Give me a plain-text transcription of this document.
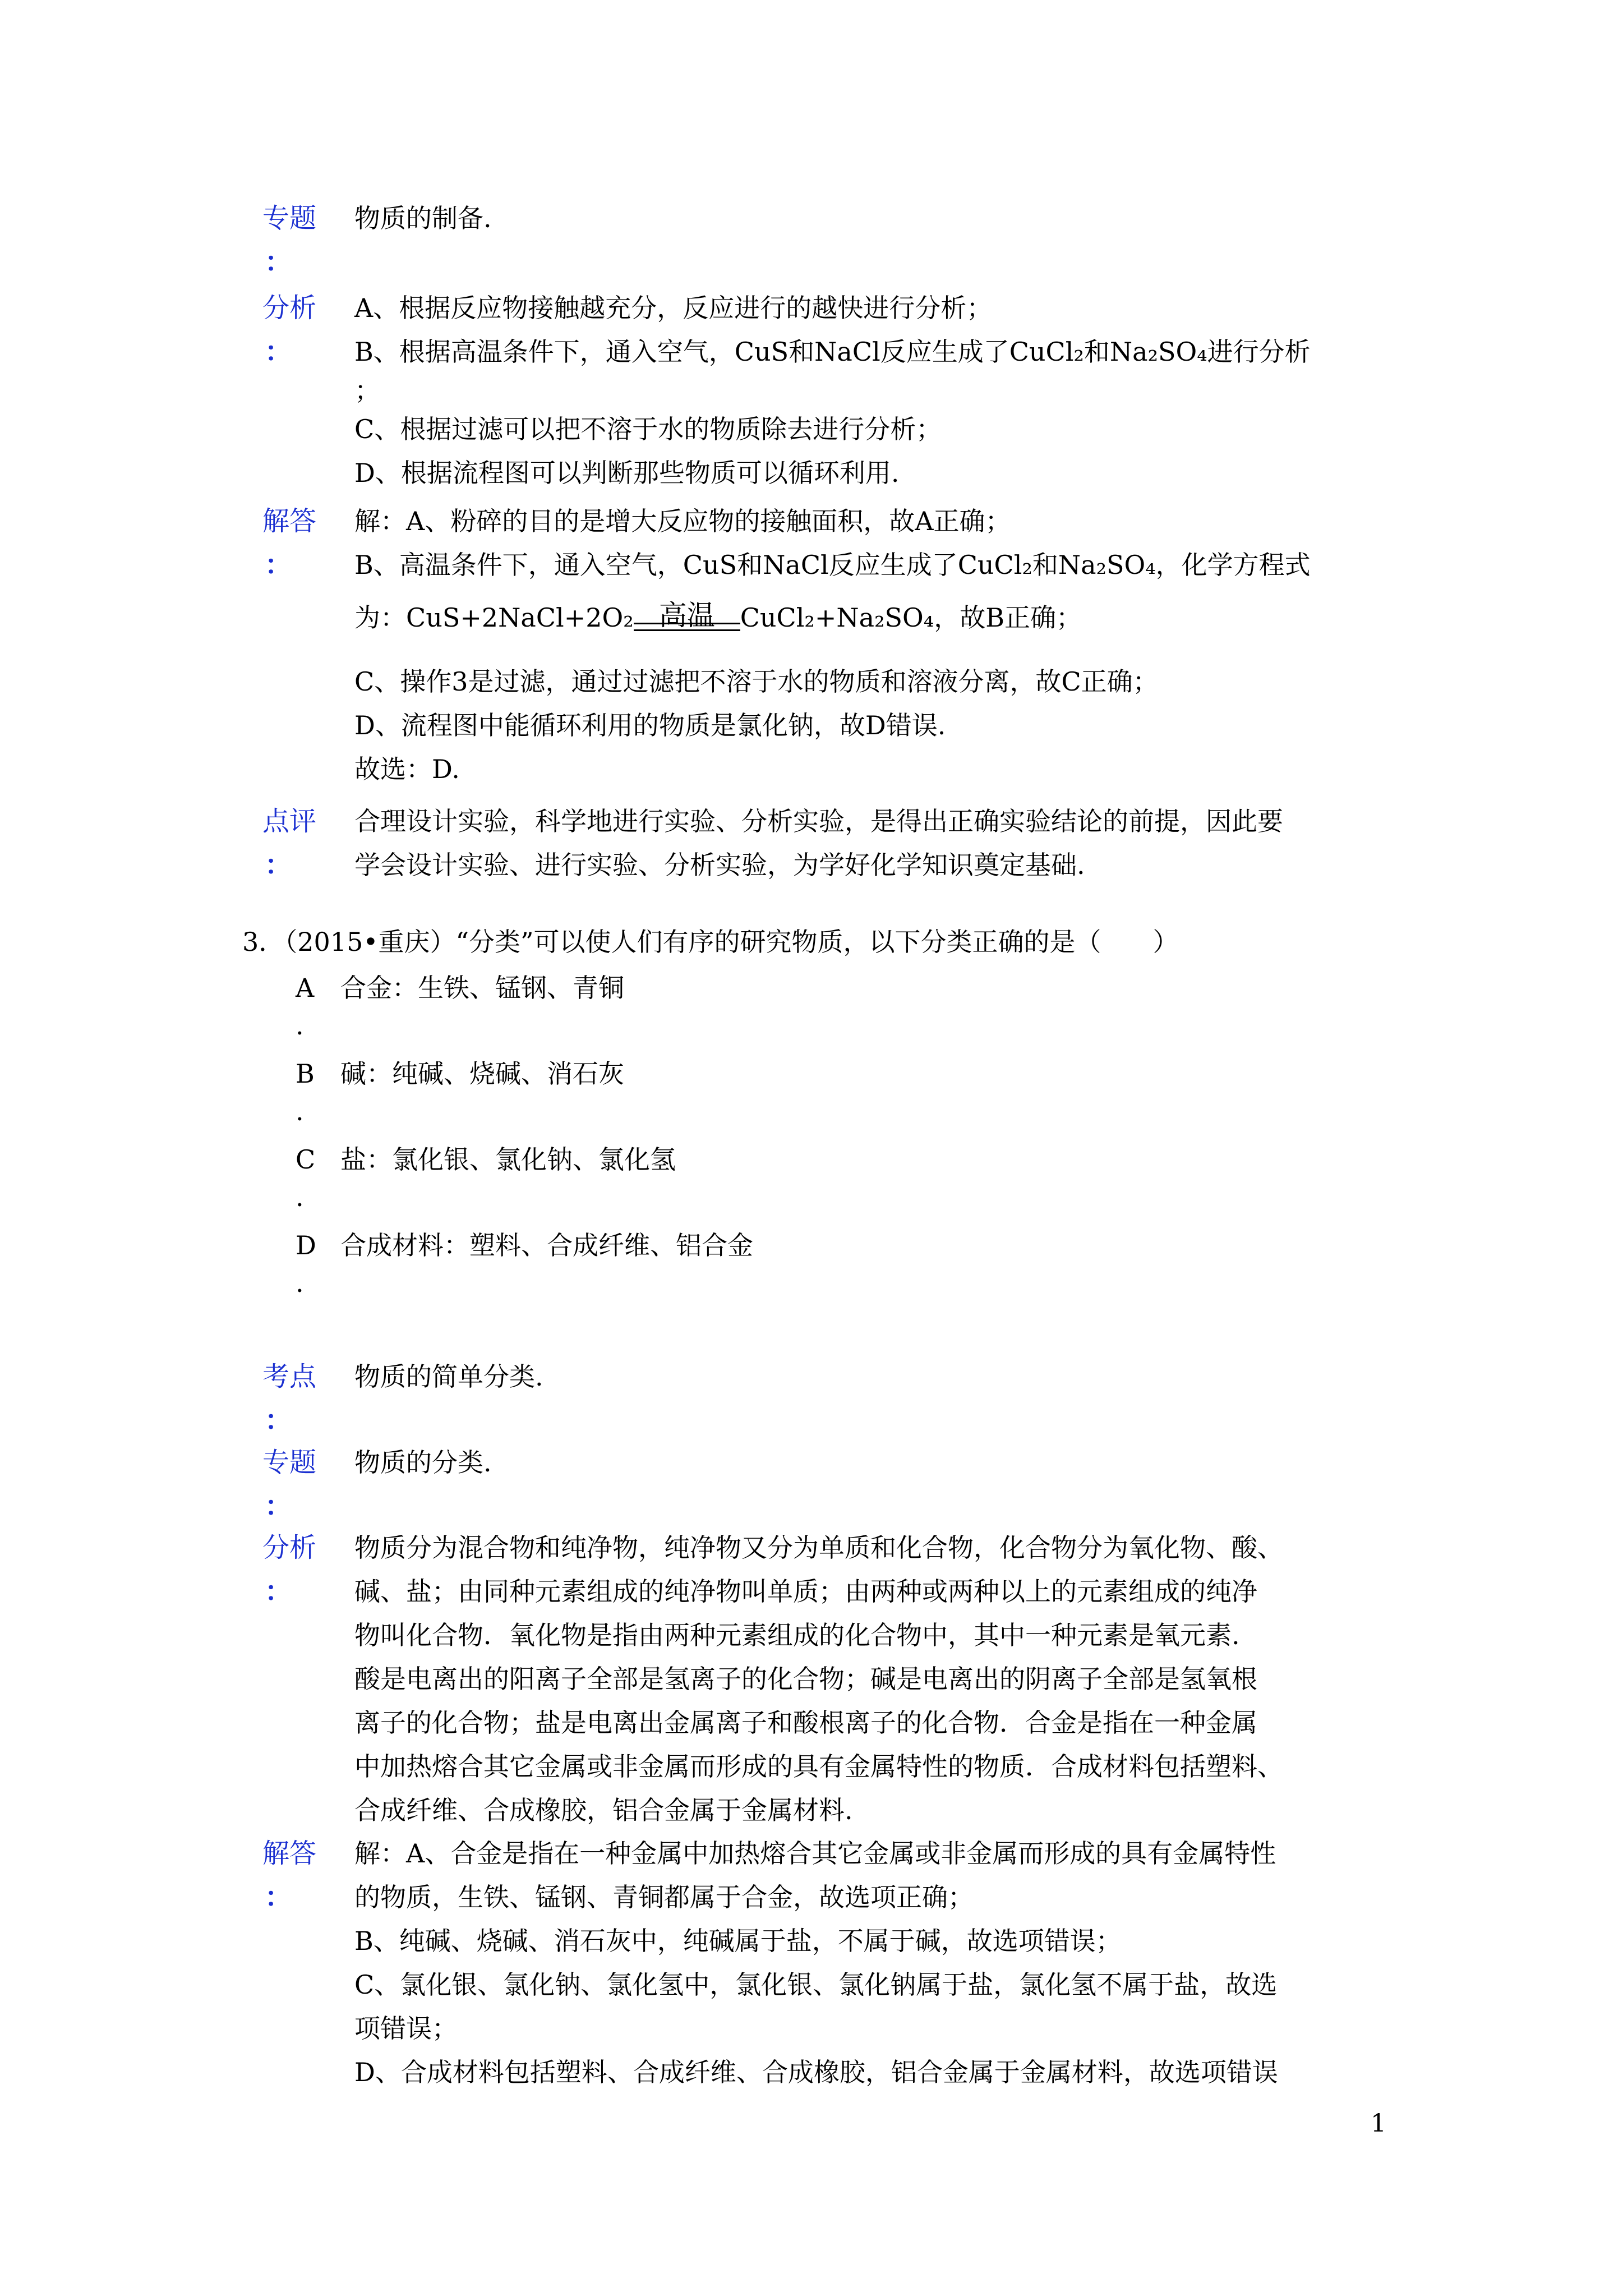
专题
：
物质的制备.
分析
：
A、根据反应物接触越充分，反应进行的越快进行分析；
B、根据高温条件下，通入空气，CuS和NaCl反应生成了CuCl₂和Na₂SO₄进行分析
；
C、根据过滤可以把不溶于水的物质除去进行分析；
D、根据流程图可以判断那些物质可以循环利用.
解答
：
解：A、粉碎的目的是增大反应物的接触面积，故A正确；
B、高温条件下，通入空气，CuS和NaCl反应生成了CuCl₂和Na₂SO₄，化学方程式
为：CuS+2NaCl+2O₂ 高温 CuCl₂+Na₂SO₄，故B正确；
C、操作3是过滤，通过过滤把不溶于水的物质和溶液分离，故C正确；
D、流程图中能循环利用的物质是氯化钠，故D错误.
故选：D.
点评
：
合理设计实验，科学地进行实验、分析实验，是得出正确实验结论的前提，因此要
学会设计实验、进行实验、分析实验，为学好化学知识奠定基础.
3．（2015•重庆）“分类”可以使人们有序的研究物质，以下分类正确的是（　　）
A 合金：生铁、锰钢、青铜
.
B 碱：纯碱、烧碱、消石灰
.
C 盐：氯化银、氯化钠、氯化氢
.
D 合成材料：塑料、合成纤维、铝合金
.
考点
：
物质的简单分类.
专题
：
物质的分类.
分析
：
物质分为混合物和纯净物，纯净物又分为单质和化合物，化合物分为氧化物、酸、
碱、盐；由同种元素组成的纯净物叫单质；由两种或两种以上的元素组成的纯净
物叫化合物．氧化物是指由两种元素组成的化合物中，其中一种元素是氧元素.
酸是电离出的阳离子全部是氢离子的化合物；碱是电离出的阴离子全部是氢氧根
离子的化合物；盐是电离出金属离子和酸根离子的化合物．合金是指在一种金属
中加热熔合其它金属或非金属而形成的具有金属特性的物质．合成材料包括塑料、
合成纤维、合成橡胶，铝合金属于金属材料.
解答
：
解：A、合金是指在一种金属中加热熔合其它金属或非金属而形成的具有金属特性
的物质，生铁、锰钢、青铜都属于合金，故选项正确；
B、纯碱、烧碱、消石灰中，纯碱属于盐，不属于碱，故选项错误；
C、氯化银、氯化钠、氯化氢中，氯化银、氯化钠属于盐，氯化氢不属于盐，故选
项错误；
D、合成材料包括塑料、合成纤维、合成橡胶，铝合金属于金属材料，故选项错误
1
